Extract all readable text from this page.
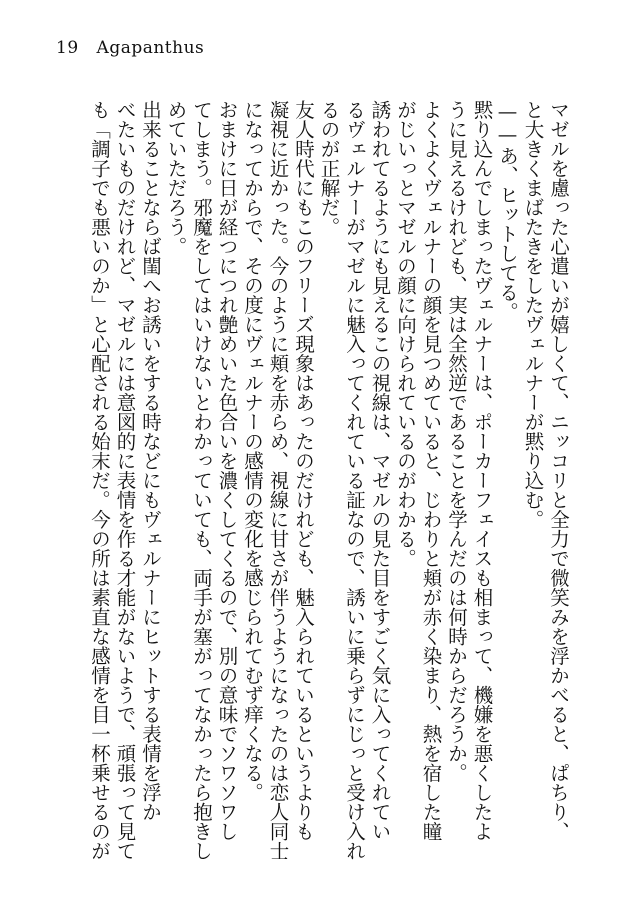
19 Agapanthus
マゼルを慮った心遣いが嬉しくて、ニッコリと全力で微笑みを浮かべると、ぱちり、
と大きくまばたきをしたヴェルナーが黙り込む。
——あ、ヒットしてる。
黙り込んでしまったヴェルナーは、ポーカーフェイスも相まって、機嫌を悪くしたよ
うに見えるけれども、実は全然逆であることを学んだのは何時からだろうか。
よくよくヴェルナーの顔を見つめていると、じわりと頬が赤く染まり、熱を宿した瞳
がじいっとマゼルの顔に向けられているのがわかる。
誘われてるようにも見えるこの視線は、マゼルの見た目をすごく気に入ってくれてい
るヴェルナーがマゼルに魅入ってくれている証なので、誘いに乗らずにじっと受け入れ
るのが正解だ。
友人時代にもこのフリーズ現象はあったのだけれども、魅入られているというよりも
凝視に近かった。今のように頬を赤らめ、視線に甘さが伴うようになったのは恋人同士
になってからで、その度にヴェルナーの感情の変化を感じられてむず痒くなる。
おまけに日が経つにつれ艶めいた色合いを濃くしてくるので、別の意味でソワソワし
てしまう。邪魔をしてはいけないとわかっていても、両手が塞がってなかったら抱きし
めていただろう。
出来ることならば閨へお誘いをする時などにもヴェルナーにヒットする表情を浮か
べたいものだけれど、マゼルには意図的に表情を作る才能がないようで、頑張って見て
も「調子でも悪いのか」と心配される始末だ。今の所は素直な感情を目一杯乗せるのが
